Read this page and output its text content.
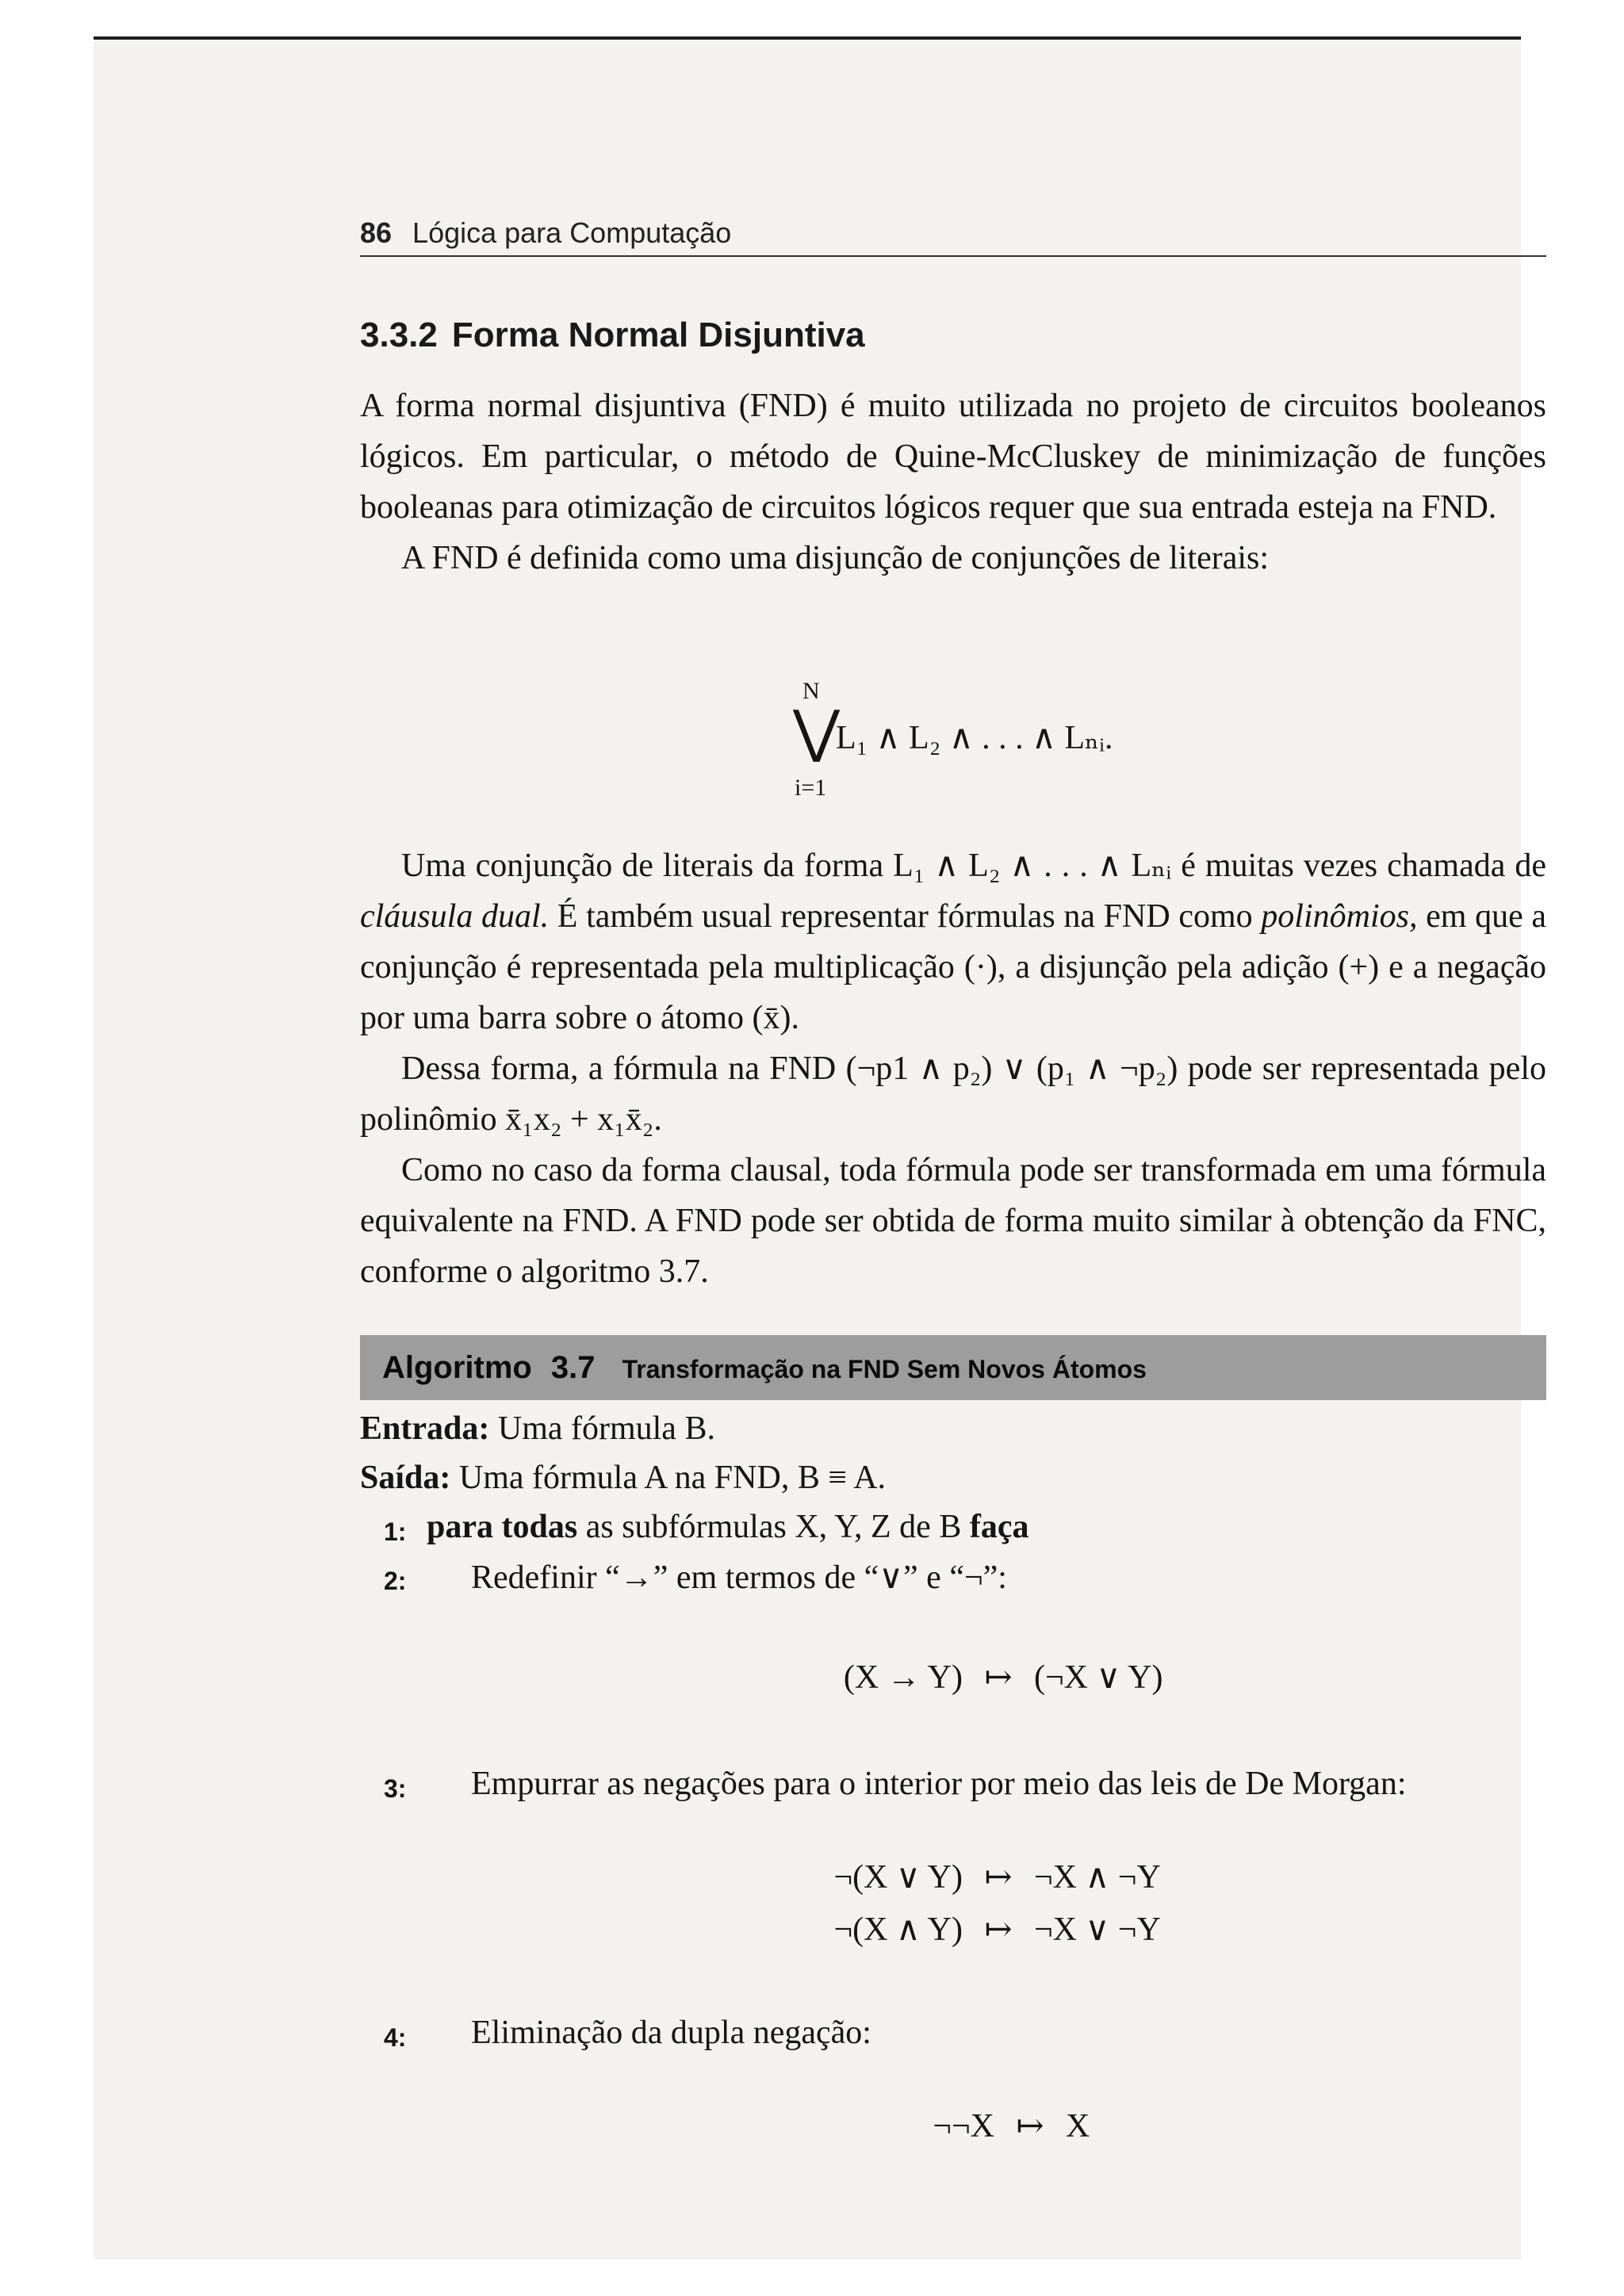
86 Lógica para Computação
3.3.2 Forma Normal Disjuntiva

A forma normal disjuntiva (FND) é muito utilizada no projeto de circuitos booleanos lógicos. Em particular, o método de Quine-McCluskey de minimização de funções booleanas para otimização de circuitos lógicos requer que sua entrada esteja na FND.

A FND é definida como uma disjunção de conjunções de literais:

N
⋁
i=1
L₁ ∧ L₂ ∧ . . . ∧ Lₙᵢ.

Uma conjunção de literais da forma L₁ ∧ L₂ ∧ . . . ∧ Lₙᵢ é muitas vezes chamada de cláusula dual. É também usual representar fórmulas na FND como polinômios, em que a conjunção é representada pela multiplicação (·), a disjunção pela adição (+) e a negação por uma barra sobre o átomo (x̄).

Dessa forma, a fórmula na FND (¬p1 ∧ p₂) ∨ (p₁ ∧ ¬p₂) pode ser representada pelo polinômio x̄₁x₂ + x₁x̄₂.

Como no caso da forma clausal, toda fórmula pode ser transformada em uma fórmula equivalente na FND. A FND pode ser obtida de forma muito similar à obtenção da FNC, conforme o algoritmo 3.7.

Algoritmo 3.7 Transformação na FND Sem Novos Átomos
Entrada: Uma fórmula B.
Saída: Uma fórmula A na FND, B ≡ A.
1: para todas as subfórmulas X, Y, Z de B faça
2: Redefinir “→” em termos de “∨” e “¬”:
(X → Y) ↦ (¬X ∨ Y)
3: Empurrar as negações para o interior por meio das leis de De Morgan:
¬(X ∨ Y) ↦ ¬X ∧ ¬Y
¬(X ∧ Y) ↦ ¬X ∨ ¬Y
4: Eliminação da dupla negação:
¬¬X ↦ X
